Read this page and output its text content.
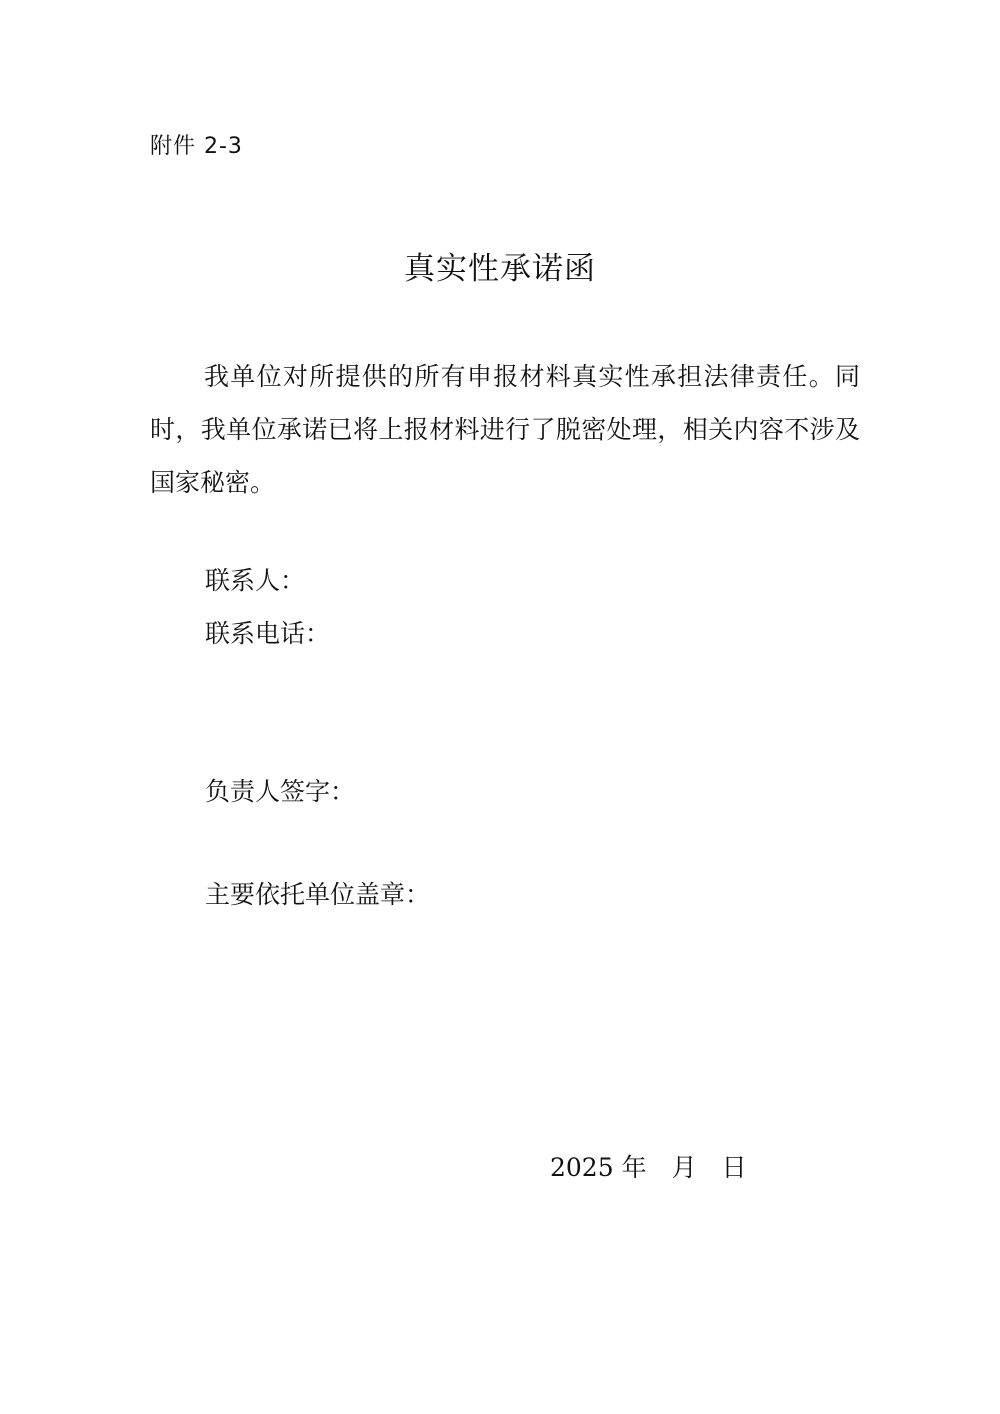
附件 2-3
真实性承诺函
我单位对所提供的所有申报材料真实性承担法律责任。同时，我单位承诺已将上报材料进行了脱密处理，相关内容不涉及国家秘密。
联系人：
联系电话：
负责人签字：
主要依托单位盖章：
2025 年　月　日
